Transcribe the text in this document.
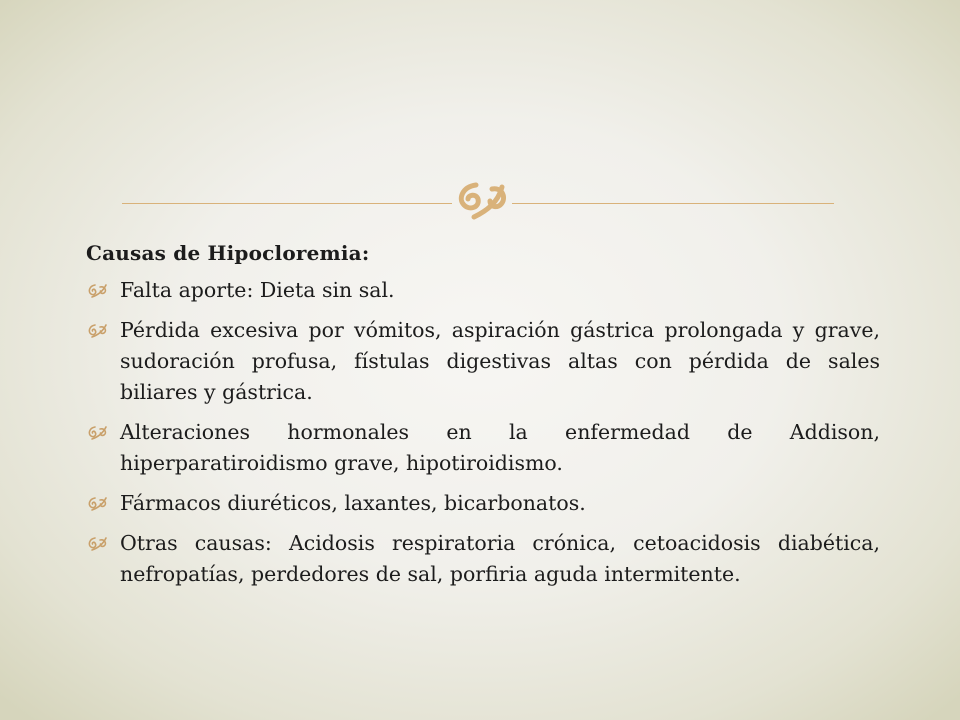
Causas de Hipocloremia:

Falta aporte: Dieta sin sal.
Pérdida excesiva por vómitos, aspiración gástrica prolongada y grave, sudoración profusa, fístulas digestivas altas con pérdida de sales biliares y gástrica.
Alteraciones hormonales en la enfermedad de Addison, hiperparatiroidismo grave, hipotiroidismo.
Fármacos diuréticos, laxantes, bicarbonatos.
Otras causas: Acidosis respiratoria crónica, cetoacidosis diabética, nefropatías, perdedores de sal, porfiria aguda intermitente.
